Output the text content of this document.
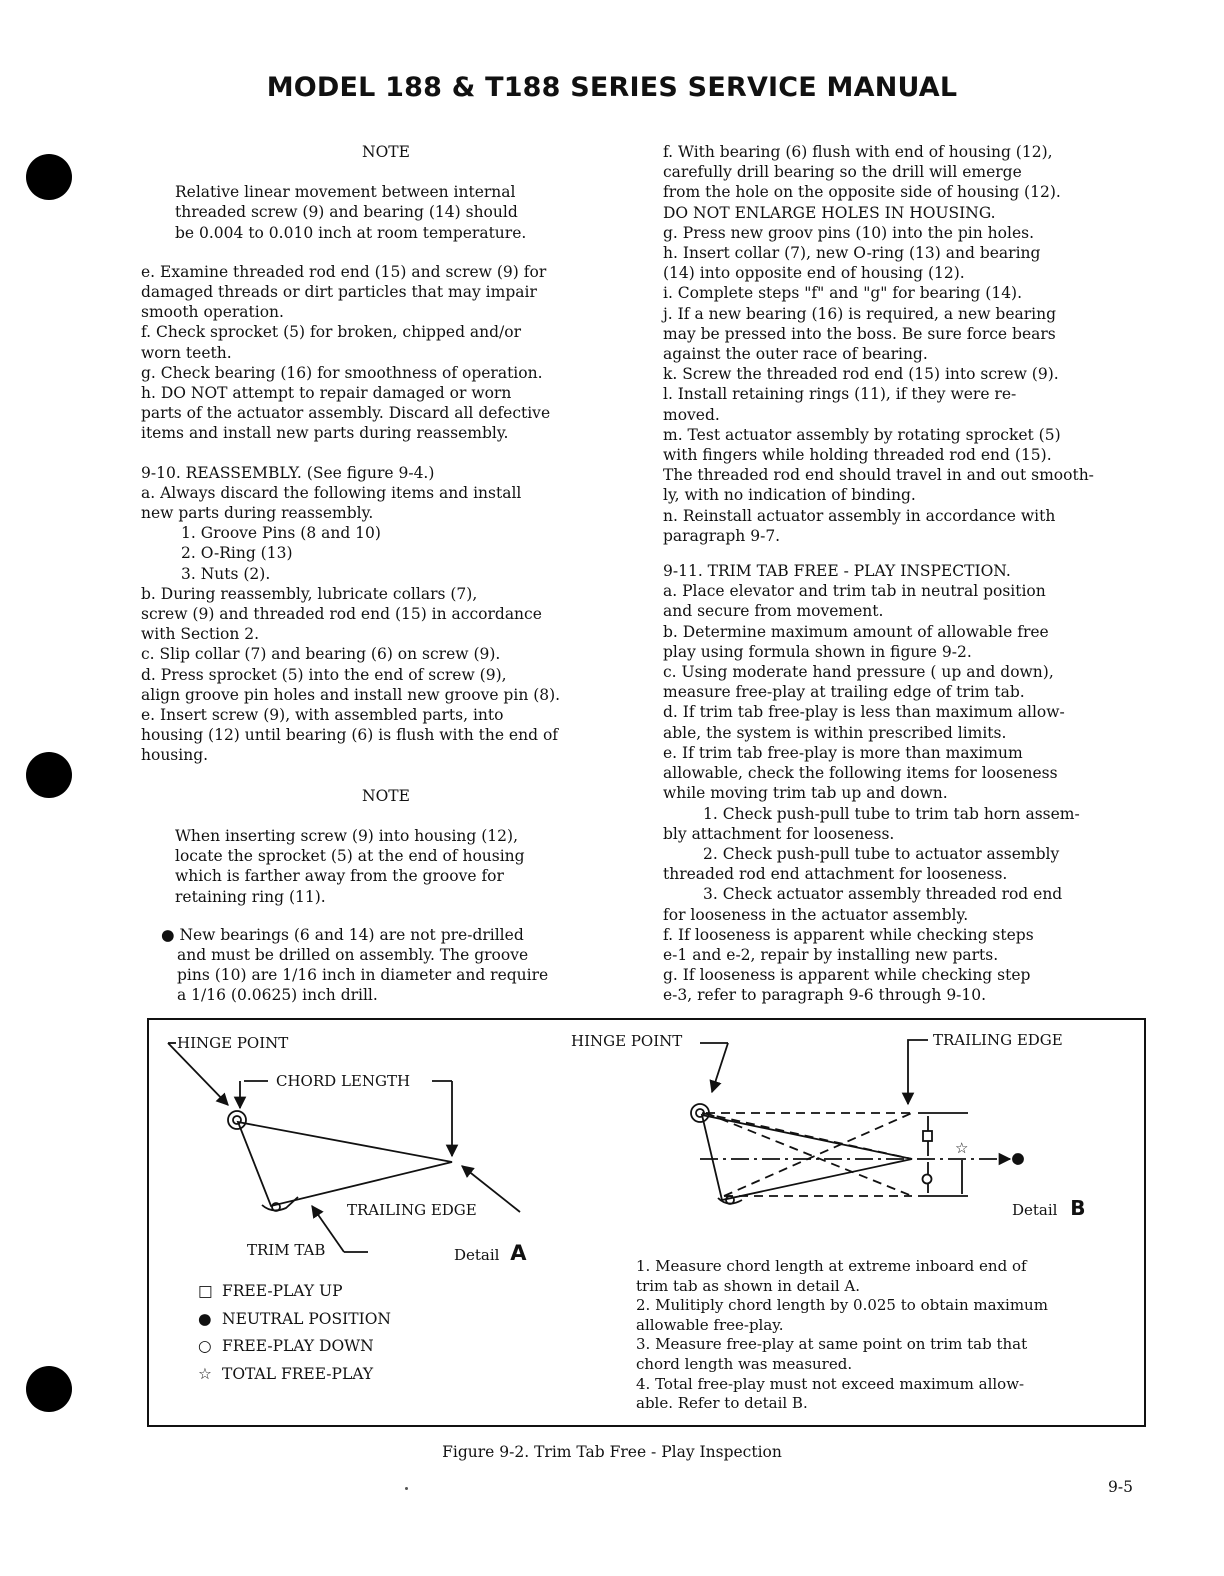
MODEL 188 & T188 SERIES SERVICE MANUAL

NOTE

Relative linear movement between internal

threaded screw (9) and bearing (14) should

be 0.004 to 0.010 inch at room temperature.

e. Examine threaded rod end (15) and screw (9) for

damaged threads or dirt particles that may impair

smooth operation.

f. Check sprocket (5) for broken, chipped and/or

worn teeth.

g. Check bearing (16) for smoothness of operation.

h. DO NOT attempt to repair damaged or worn

parts of the actuator assembly. Discard all defective

items and install new parts during reassembly.

9-10. REASSEMBLY. (See figure 9-4.)

a. Always discard the following items and install

new parts during reassembly.

1. Groove Pins (8 and 10)

2. O-Ring (13)

3. Nuts (2).

b. During reassembly, lubricate collars (7),

screw (9) and threaded rod end (15) in accordance

with Section 2.

c. Slip collar (7) and bearing (6) on screw (9).

d. Press sprocket (5) into the end of screw (9),

align groove pin holes and install new groove pin (8).

e. Insert screw (9), with assembled parts, into

housing (12) until bearing (6) is flush with the end of

housing.

NOTE

When inserting screw (9) into housing (12),

locate the sprocket (5) at the end of housing

which is farther away from the groove for

retaining ring (11).

● New bearings (6 and 14) are not pre-drilled

and must be drilled on assembly. The groove

pins (10) are 1/16 inch in diameter and require

a 1/16 (0.0625) inch drill.

f. With bearing (6) flush with end of housing (12),

carefully drill bearing so the drill will emerge

from the hole on the opposite side of housing (12).

DO NOT ENLARGE HOLES IN HOUSING.

g. Press new groov pins (10) into the pin holes.

h. Insert collar (7), new O-ring (13) and bearing

(14) into opposite end of housing (12).

i. Complete steps "f" and "g" for bearing (14).

j. If a new bearing (16) is required, a new bearing

may be pressed into the boss. Be sure force bears

against the outer race of bearing.

k. Screw the threaded rod end (15) into screw (9).

l. Install retaining rings (11), if they were re-

moved.

m. Test actuator assembly by rotating sprocket (5)

with fingers while holding threaded rod end (15).

The threaded rod end should travel in and out smooth-

ly, with no indication of binding.

n. Reinstall actuator assembly in accordance with

paragraph 9-7.

9-11. TRIM TAB FREE - PLAY INSPECTION.

a. Place elevator and trim tab in neutral position

and secure from movement.

b. Determine maximum amount of allowable free

play using formula shown in figure 9-2.

c. Using moderate hand pressure ( up and down),

measure free-play at trailing edge of trim tab.

d. If trim tab free-play is less than maximum allow-

able, the system is within prescribed limits.

e. If trim tab free-play is more than maximum

allowable, check the following items for looseness

while moving trim tab up and down.

1. Check push-pull tube to trim tab horn assem-

bly attachment for looseness.

2. Check push-pull tube to actuator assembly

threaded rod end attachment for looseness.

3. Check actuator assembly threaded rod end

for looseness in the actuator assembly.

f. If looseness is apparent while checking steps

e-1 and e-2, repair by installing new parts.

g. If looseness is apparent while checking step

e-3, refer to paragraph 9-6 through 9-10.

☆
HINGE POINT
CHORD LENGTH
TRAILING EDGE
TRIM TAB	Detail A
HINGE POINT	TRAILING EDGE
Detail B
□ FREE-PLAY UP
● NEUTRAL POSITION
○ FREE-PLAY DOWN
☆ TOTAL FREE-PLAY

1. Measure chord length at extreme inboard end of

trim tab as shown in detail A.

2. Mulitiply chord length by 0.025 to obtain maximum

allowable free-play.

3. Measure free-play at same point on trim tab that

chord length was measured.

4. Total free-play must not exceed maximum allow-

able. Refer to detail B.

Figure 9-2. Trim Tab Free - Play Inspection
9-5
